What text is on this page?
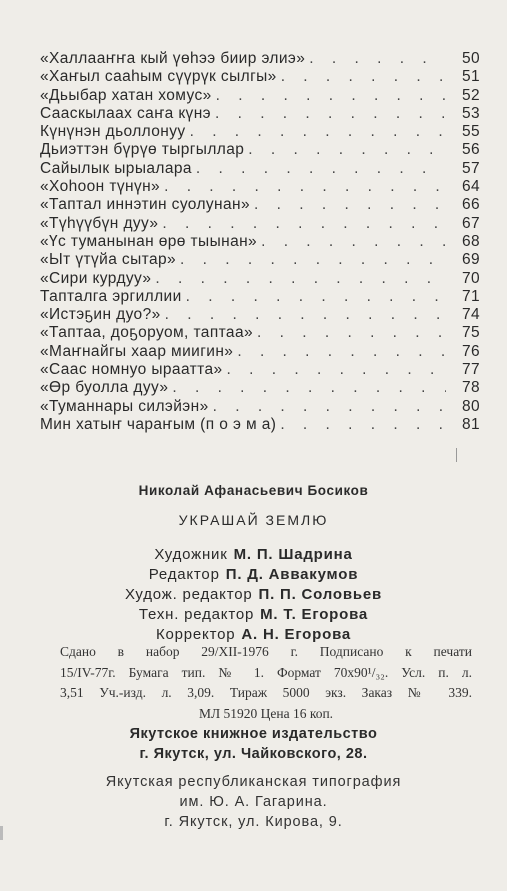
«Халлааҥҥа кый үөһээ биир элиэ» . . .	50
«Хаҥыл сааһым сүүрүк сылгы» . . .	51
«Дьыбар хатан хомус» . . .	52
Сааскылаах саҥа күнэ . . .	53
Күнүнэн дьоллонуу . . .	55
Дьиэттэн бүрүө тыргыллар . . .	56
Сайылык ырыалара . . .	57
«Хоһоон түнүн» . . .	64
«Таптал иннэтин суолунан» . . .	66
«Түһүүбүн дуу» . . .	67
«Үс туманынан өрө тыынан» . . .	68
«Ыт үтүйа сытар» . . .	69
«Сири курдуу» . . .	70
Тапталга эргиллии . . .	71
«Истэҕин дуо?» . . .	74
«Таптаа, доҕоруом, таптаа» . . .	75
«Маҥнайгы хаар миигин» . . .	76
«Саас номнуо ыраатта» . . .	77
«Өр буолла дуу» . . .	78
«Туманнары силэйэн» . . .	80
Мин хатыҥ чараҥым (п о э м а) . . .	81
Николай Афанасьевич Босиков
УКРАШАЙ ЗЕМЛЮ
Художник М. П. Шадрина
Редактор П. Д. Аввакумов
Худож. редактор П. П. Соловьев
Техн. редактор М. Т. Егорова
Корректор А. Н. Егорова
Сдано в набор 29/XII-1976 г. Подписано к печати
15/IV-77г. Бумага тип. № 1. Формат 70x90¹/₃₂. Усл. п. л.
3,51 Уч.-изд. л. 3,09. Тираж 5000 экз. Заказ № 339.
МЛ 51920 Цена 16 коп.
Якутское книжное издательство
г. Якутск, ул. Чайковского, 28.
Якутская республиканская типография
им. Ю. А. Гагарина.
г. Якутск, ул. Кирова, 9.
